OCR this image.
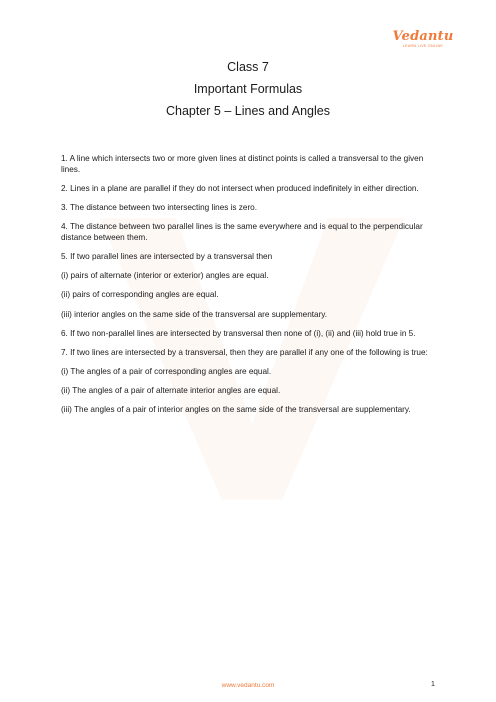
Vedantu
LEARN LIVE ONLINE
Class 7
Important Formulas
Chapter 5 – Lines and Angles

1. A line which intersects two or more given lines at distinct points is called a transversal to the given lines.

2. Lines in a plane are parallel if they do not intersect when produced indefinitely in either direction.

3. The distance between two intersecting lines is zero.

4. The distance between two parallel lines is the same everywhere and is equal to the perpendicular distance between them.

5. If two parallel lines are intersected by a transversal then

(i) pairs of alternate (interior or exterior) angles are equal.

(ii) pairs of corresponding angles are equal.

(iii) interior angles on the same side of the transversal are supplementary.

6. If two non-parallel lines are intersected by transversal then none of (i), (ii) and (iii) hold true in 5.

7. If two lines are intersected by a transversal, then they are parallel if any one of the following is true:

(i) The angles of a pair of corresponding angles are equal.

(ii) The angles of a pair of alternate interior angles are equal.

(iii) The angles of a pair of interior angles on the same side of the transversal are supplementary.

www.vedantu.com	1
